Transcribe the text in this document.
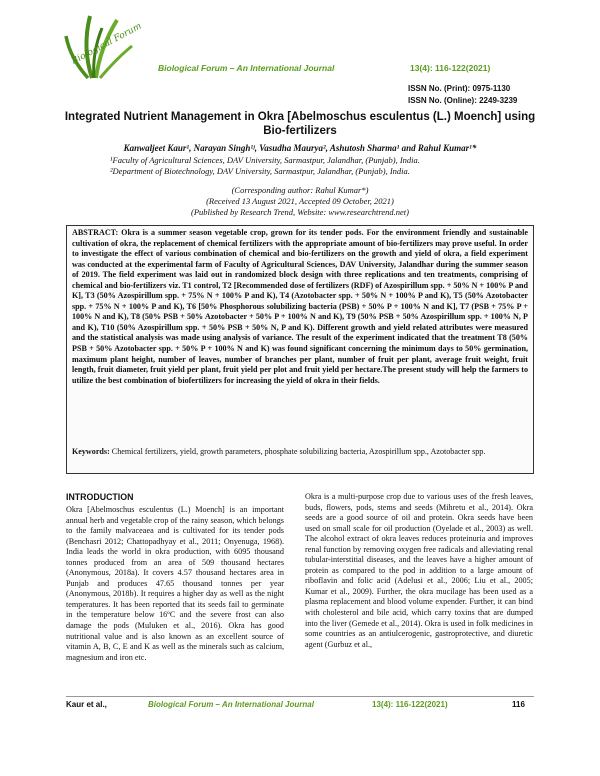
Biological Forum
Biological Forum – An International Journal	13(4): 116-122(2021)
ISSN No. (Print): 0975-1130
ISSN No. (Online): 2249-3239
Integrated Nutrient Management in Okra [Abelmoschus esculentus (L.) Moench] using Bio-fertilizers
Kanwaljeet Kaur¹, Narayan Singh¹ʲ, Vasudha Maurya², Ashutosh Sharma¹ and Rahul Kumar¹*
¹Faculty of Agricultural Sciences, DAV University, Sarmastpur, Jalandhar, (Punjab), India.
²Department of Biotechnology, DAV University, Sarmastpur, Jalandhar, (Punjab), India.
(Corresponding author: Rahul Kumar*)
(Received 13 August 2021, Accepted 09 October, 2021)
(Published by Research Trend, Website: www.researchtrend.net)
ABSTRACT: Okra is a summer season vegetable crop, grown for its tender pods. For the environment friendly and sustainable cultivation of okra, the replacement of chemical fertilizers with the appropriate amount of bio-fertilizers may prove useful. In order to investigate the effect of various combination of chemical and bio-fertilizers on the growth and yield of okra, a field experiment was conducted at the experimental farm of Faculty of Agricultural Sciences, DAV University, Jalandhar during the summer season of 2019. The field experiment was laid out in randomized block design with three replications and ten treatments, comprising of chemical and bio-fertilizers viz. T1 control, T2 [Recommended dose of fertilizers (RDF) of Azospirillum spp. + 50% N + 100% P and K], T3 (50% Azospirillum spp. + 75% N + 100% P and K), T4 (Azotobacter spp. + 50% N + 100% P and K), T5 (50% Azotobacter spp. + 75% N + 100% P and K), T6 [50% Phosphorous solubilizing bacteria (PSB) + 50% P + 100% N and K], T7 (PSB + 75% P + 100% N and K), T8 (50% PSB + 50% Azotobacter + 50% P + 100% N and K), T9 (50% PSB + 50% Azospirillum spp. + 100% N, P and K), T10 (50% Azospirillum spp. + 50% PSB + 50% N, P and K). Different growth and yield related attributes were measured and the statistical analysis was made using analysis of variance. The result of the experiment indicated that the treatment T8 (50% PSB + 50% Azotobacter spp. + 50% P + 100% N and K) was found significant concerning the minimum days to 50% germination, maximum plant height, number of leaves, number of branches per plant, number of fruit per plant, average fruit weight, fruit length, fruit diameter, fruit yield per plant, fruit yield per plot and fruit yield per hectare.The present study will help the farmers to utilize the best combination of biofertilizers for increasing the yield of okra in their fields.
Keywords: Chemical fertilizers, yield, growth parameters, phosphate solubilizing bacteria, Azospirillum spp., Azotobacter spp.
INTRODUCTION
Okra [Abelmoschus esculentus (L.) Moench] is an important annual herb and vegetable crop of the rainy season, which belongs to the family malvaceaea and is cultivated for its tender pods (Benchasri 2012; Chattopadhyay et al., 2011; Onyenuga, 1968). India leads the world in okra production, with 6095 thousand tonnes produced from an area of 509 thousand hectares (Anonymous, 2018a). It covers 4.57 thousand hectares area in Punjab and produces 47.65 thousand tonnes per year (Anonymous, 2018b). It requires a higher day as well as the night temperatures. It has been reported that its seeds fail to germinate in the temperature below 16ºC and the severe frost can also damage the pods (Muluken et al., 2016). Okra has good nutritional value and is also known as an excellent source of vitamin A, B, C, E and K as well as the minerals such as calcium, magnesium and iron etc.
Okra is a multi-purpose crop due to various uses of the fresh leaves, buds, flowers, pods, stems and seeds (Mihretu et al., 2014). Okra seeds are a good source of oil and protein. Okra seeds have been used on small scale for oil production (Oyelade et al., 2003) as well. The alcohol extract of okra leaves reduces proteinuria and improves renal function by removing oxygen free radicals and alleviating renal tubular-interstitial diseases, and the leaves have a higher amount of protein as compared to the pod in addition to a large amount of riboflavin and folic acid (Adelusi et al., 2006; Liu et al., 2005; Kumar et al., 2009). Further, the okra mucilage has been used as a plasma replacement and blood volume expender. Further, it can bind with cholesterol and bile acid, which carry toxins that are dumped into the liver (Gemede et al., 2014). Okra is used in folk medicines in some countries as an antiulcerogenic, gastroprotective, and diuretic agent (Gurbuz et al.,
Kaur et al.,	Biological Forum – An International Journal	13(4): 116-122(2021)	116
